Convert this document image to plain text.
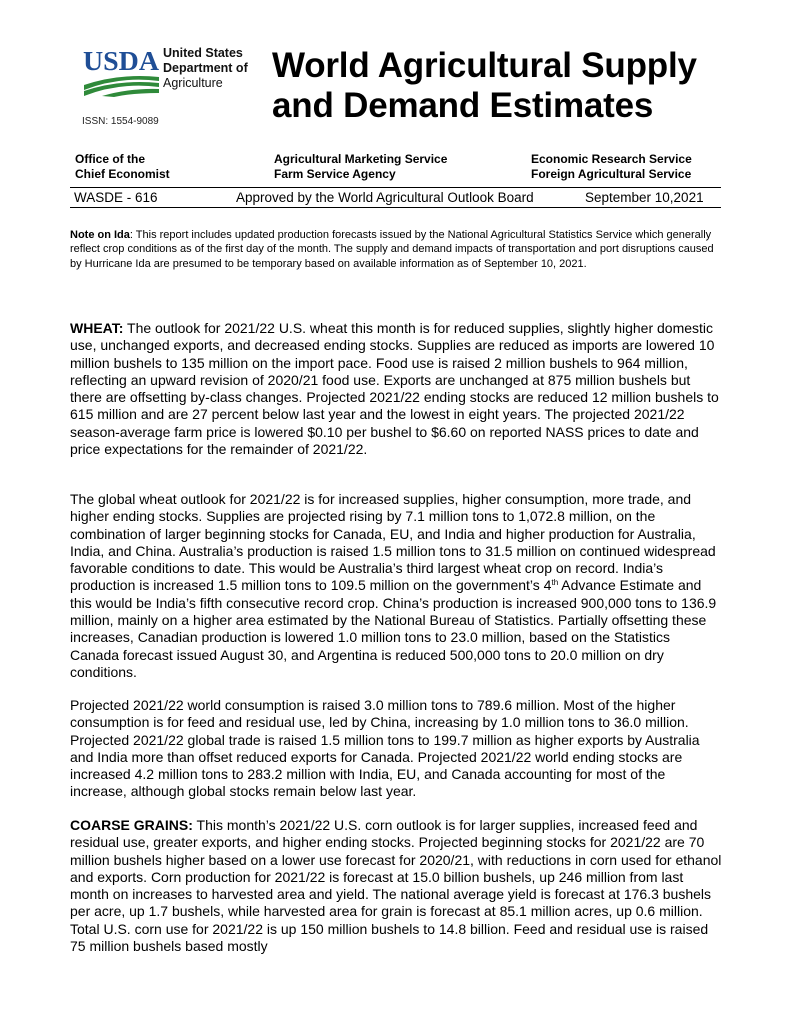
USDA United States
Department of
Agriculture
ISSN: 1554-9089
World Agricultural Supply
and Demand Estimates
Office of the
Chief Economist
Agricultural Marketing Service
Farm Service Agency
Economic Research Service
Foreign Agricultural Service
WASDE - 616	Approved by the World Agricultural Outlook Board	September 10,2021
Note on Ida: This report includes updated production forecasts issued by the National Agricultural Statistics Service which generally reflect crop conditions as of the first day of the month. The supply and demand impacts of transportation and port disruptions caused by Hurricane Ida are presumed to be temporary based on available information as of September 10, 2021.
WHEAT: The outlook for 2021/22 U.S. wheat this month is for reduced supplies, slightly higher domestic use, unchanged exports, and decreased ending stocks. Supplies are reduced as imports are lowered 10 million bushels to 135 million on the import pace. Food use is raised 2 million bushels to 964 million, reflecting an upward revision of 2020/21 food use. Exports are unchanged at 875 million bushels but there are offsetting by-class changes. Projected 2021/22 ending stocks are reduced 12 million bushels to 615 million and are 27 percent below last year and the lowest in eight years. The projected 2021/22 season-average farm price is lowered $0.10 per bushel to $6.60 on reported NASS prices to date and price expectations for the remainder of 2021/22.
The global wheat outlook for 2021/22 is for increased supplies, higher consumption, more trade, and higher ending stocks. Supplies are projected rising by 7.1 million tons to 1,072.8 million, on the combination of larger beginning stocks for Canada, EU, and India and higher production for Australia, India, and China. Australia’s production is raised 1.5 million tons to 31.5 million on continued widespread favorable conditions to date. This would be Australia’s third largest wheat crop on record. India’s production is increased 1.5 million tons to 109.5 million on the government’s 4th Advance Estimate and this would be India’s fifth consecutive record crop. China’s production is increased 900,000 tons to 136.9 million, mainly on a higher area estimated by the National Bureau of Statistics. Partially offsetting these increases, Canadian production is lowered 1.0 million tons to 23.0 million, based on the Statistics Canada forecast issued August 30, and Argentina is reduced 500,000 tons to 20.0 million on dry conditions.
Projected 2021/22 world consumption is raised 3.0 million tons to 789.6 million. Most of the higher consumption is for feed and residual use, led by China, increasing by 1.0 million tons to 36.0 million. Projected 2021/22 global trade is raised 1.5 million tons to 199.7 million as higher exports by Australia and India more than offset reduced exports for Canada. Projected 2021/22 world ending stocks are increased 4.2 million tons to 283.2 million with India, EU, and Canada accounting for most of the increase, although global stocks remain below last year.
COARSE GRAINS: This month’s 2021/22 U.S. corn outlook is for larger supplies, increased feed and residual use, greater exports, and higher ending stocks. Projected beginning stocks for 2021/22 are 70 million bushels higher based on a lower use forecast for 2020/21, with reductions in corn used for ethanol and exports. Corn production for 2021/22 is forecast at 15.0 billion bushels, up 246 million from last month on increases to harvested area and yield. The national average yield is forecast at 176.3 bushels per acre, up 1.7 bushels, while harvested area for grain is forecast at 85.1 million acres, up 0.6 million. Total U.S. corn use for 2021/22 is up 150 million bushels to 14.8 billion. Feed and residual use is raised 75 million bushels based mostly
